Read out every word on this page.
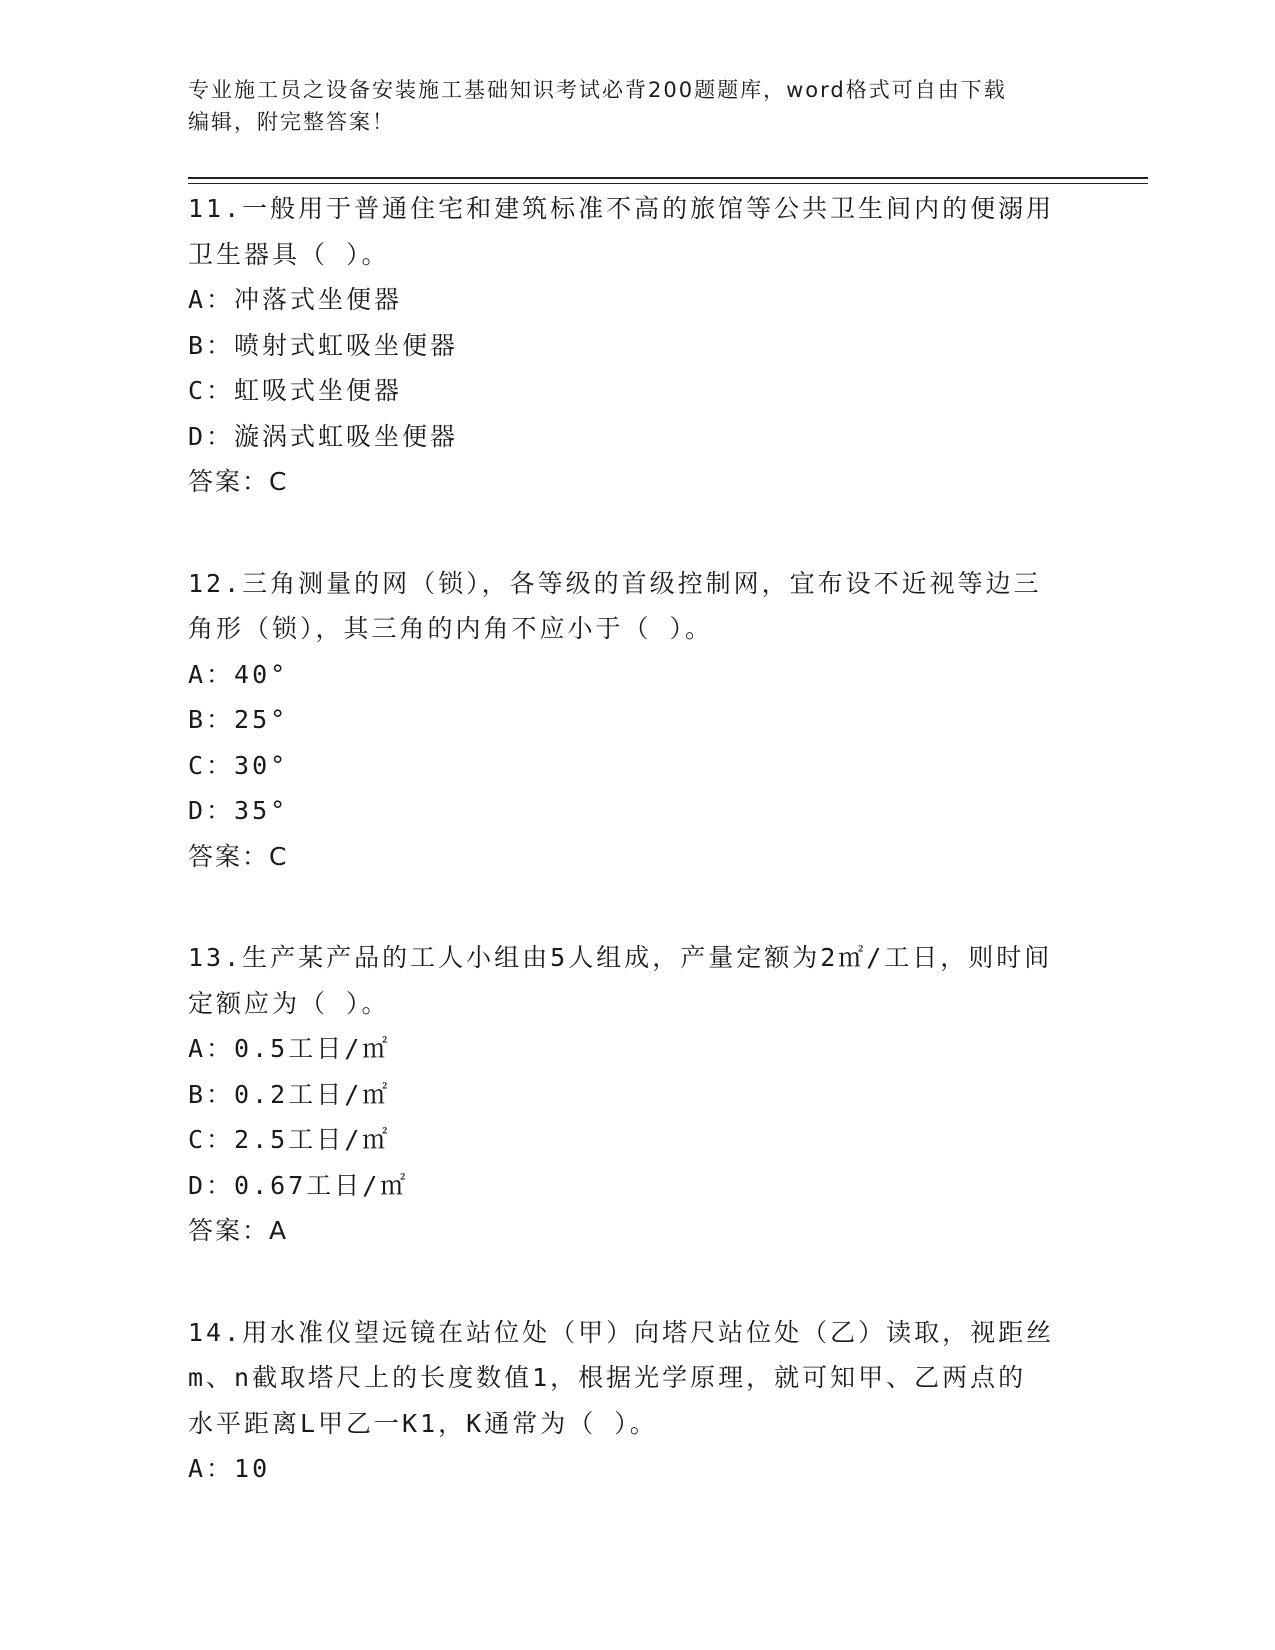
专业施工员之设备安装施工基础知识考试必背200题题库，word格式可自由下载
编辑，附完整答案！
11.一般用于普通住宅和建筑标准不高的旅馆等公共卫生间内的便溺用
卫生器具（ ）。
A：冲落式坐便器
B：喷射式虹吸坐便器
C：虹吸式坐便器
D：漩涡式虹吸坐便器
答案：C
12.三角测量的网（锁），各等级的首级控制网，宜布设不近视等边三
角形（锁），其三角的内角不应小于（ ）。
A：40°
B：25°
C：30°
D：35°
答案：C
13.生产某产品的工人小组由5人组成，产量定额为2㎡/工日，则时间
定额应为（ ）。
A：0.5工日/㎡
B：0.2工日/㎡
C：2.5工日/㎡
D：0.67工日/㎡
答案：A
14.用水准仪望远镜在站位处（甲）向塔尺站位处（乙）读取，视距丝
m、n截取塔尺上的长度数值1，根据光学原理，就可知甲、乙两点的
水平距离L甲乙一K1，K通常为（ ）。
A：10
